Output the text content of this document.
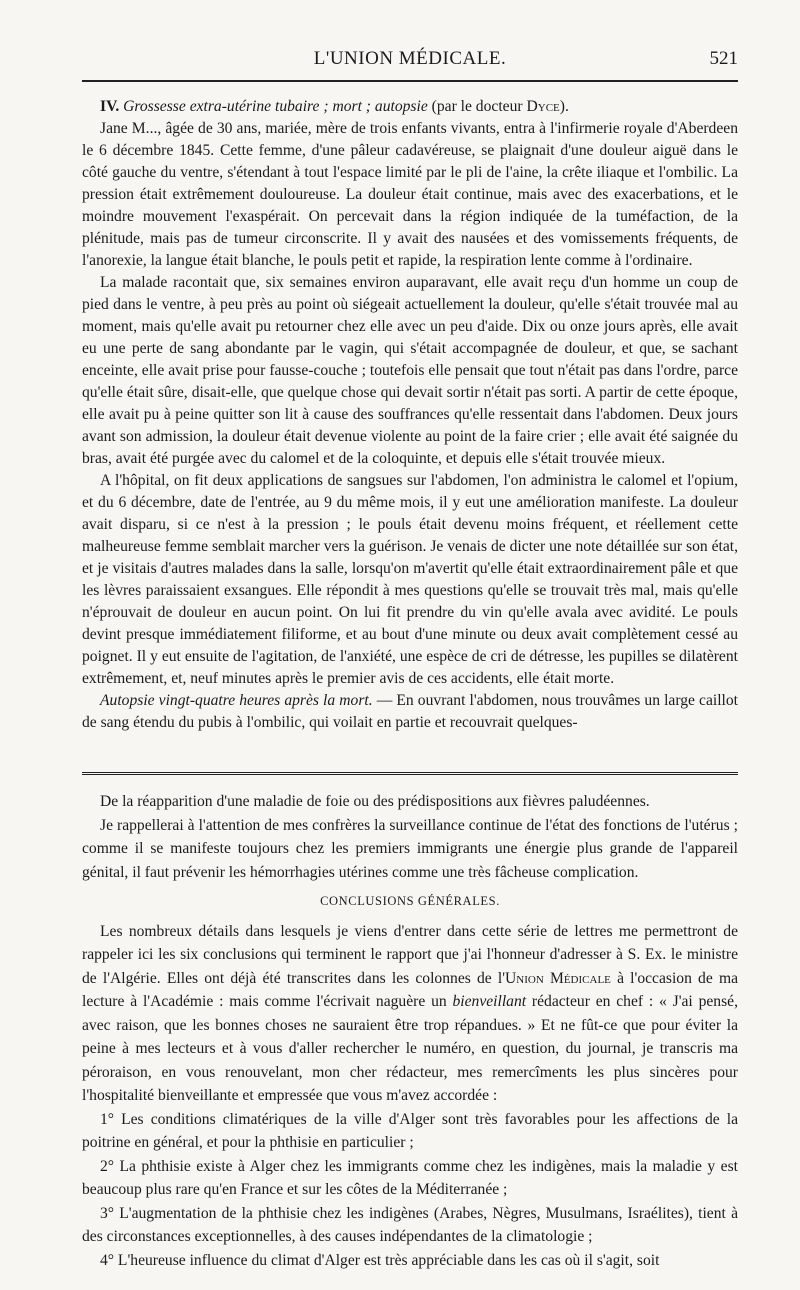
L'UNION MÉDICALE.	521

IV. Grossesse extra-utérine tubaire ; mort ; autopsie (par le docteur Dyce).

Jane M..., âgée de 30 ans, mariée, mère de trois enfants vivants, entra à l'infirmerie royale d'Aberdeen le 6 décembre 1845. Cette femme, d'une pâleur cadavéreuse, se plaignait d'une douleur aiguë dans le côté gauche du ventre, s'étendant à tout l'espace limité par le pli de l'aine, la crête iliaque et l'ombilic. La pression était extrêmement douloureuse. La douleur était continue, mais avec des exacerbations, et le moindre mouvement l'exaspérait. On percevait dans la région indiquée de la tuméfaction, de la plénitude, mais pas de tumeur circonscrite. Il y avait des nausées et des vomissements fréquents, de l'anorexie, la langue était blanche, le pouls petit et rapide, la respiration lente comme à l'ordinaire.

La malade racontait que, six semaines environ auparavant, elle avait reçu d'un homme un coup de pied dans le ventre, à peu près au point où siégeait actuellement la douleur, qu'elle s'était trouvée mal au moment, mais qu'elle avait pu retourner chez elle avec un peu d'aide. Dix ou onze jours après, elle avait eu une perte de sang abondante par le vagin, qui s'était accompagnée de douleur, et que, se sachant enceinte, elle avait prise pour fausse-couche ; toutefois elle pensait que tout n'était pas dans l'ordre, parce qu'elle était sûre, disait-elle, que quelque chose qui devait sortir n'était pas sorti. A partir de cette époque, elle avait pu à peine quitter son lit à cause des souffrances qu'elle ressentait dans l'abdomen. Deux jours avant son admission, la douleur était devenue violente au point de la faire crier ; elle avait été saignée du bras, avait été purgée avec du calomel et de la coloquinte, et depuis elle s'était trouvée mieux.

A l'hôpital, on fit deux applications de sangsues sur l'abdomen, l'on administra le calomel et l'opium, et du 6 décembre, date de l'entrée, au 9 du même mois, il y eut une amélioration manifeste. La douleur avait disparu, si ce n'est à la pression ; le pouls était devenu moins fréquent, et réellement cette malheureuse femme semblait marcher vers la guérison. Je venais de dicter une note détaillée sur son état, et je visitais d'autres malades dans la salle, lorsqu'on m'avertit qu'elle était extraordinairement pâle et que les lèvres paraissaient exsangues. Elle répondit à mes questions qu'elle se trouvait très mal, mais qu'elle n'éprouvait de douleur en aucun point. On lui fit prendre du vin qu'elle avala avec avidité. Le pouls devint presque immédiatement filiforme, et au bout d'une minute ou deux avait complètement cessé au poignet. Il y eut ensuite de l'agitation, de l'anxiété, une espèce de cri de détresse, les pupilles se dilatèrent extrêmement, et, neuf minutes après le premier avis de ces accidents, elle était morte.

Autopsie vingt-quatre heures après la mort. — En ouvrant l'abdomen, nous trouvâmes un large caillot de sang étendu du pubis à l'ombilic, qui voilait en partie et recouvrait quelques-

De la réapparition d'une maladie de foie ou des prédispositions aux fièvres paludéennes.

Je rappellerai à l'attention de mes confrères la surveillance continue de l'état des fonctions de l'utérus ; comme il se manifeste toujours chez les premiers immigrants une énergie plus grande de l'appareil génital, il faut prévenir les hémorrhagies utérines comme une très fâcheuse complication.

CONCLUSIONS GÉNÉRALES.

Les nombreux détails dans lesquels je viens d'entrer dans cette série de lettres me permettront de rappeler ici les six conclusions qui terminent le rapport que j'ai l'honneur d'adresser à S. Ex. le ministre de l'Algérie. Elles ont déjà été transcrites dans les colonnes de l'Union Médicale à l'occasion de ma lecture à l'Académie : mais comme l'écrivait naguère un bienveillant rédacteur en chef : « J'ai pensé, avec raison, que les bonnes choses ne sauraient être trop répandues. » Et ne fût-ce que pour éviter la peine à mes lecteurs et à vous d'aller rechercher le numéro, en question, du journal, je transcris ma péroraison, en vous renouvelant, mon cher rédacteur, mes remercîments les plus sincères pour l'hospitalité bienveillante et empressée que vous m'avez accordée :

1° Les conditions climatériques de la ville d'Alger sont très favorables pour les affections de la poitrine en général, et pour la phthisie en particulier ;

2° La phthisie existe à Alger chez les immigrants comme chez les indigènes, mais la maladie y est beaucoup plus rare qu'en France et sur les côtes de la Méditerranée ;

3° L'augmentation de la phthisie chez les indigènes (Arabes, Nègres, Musulmans, Israélites), tient à des circonstances exceptionnelles, à des causes indépendantes de la climatologie ;

4° L'heureuse influence du climat d'Alger est très appréciable dans les cas où il s'agit, soit
